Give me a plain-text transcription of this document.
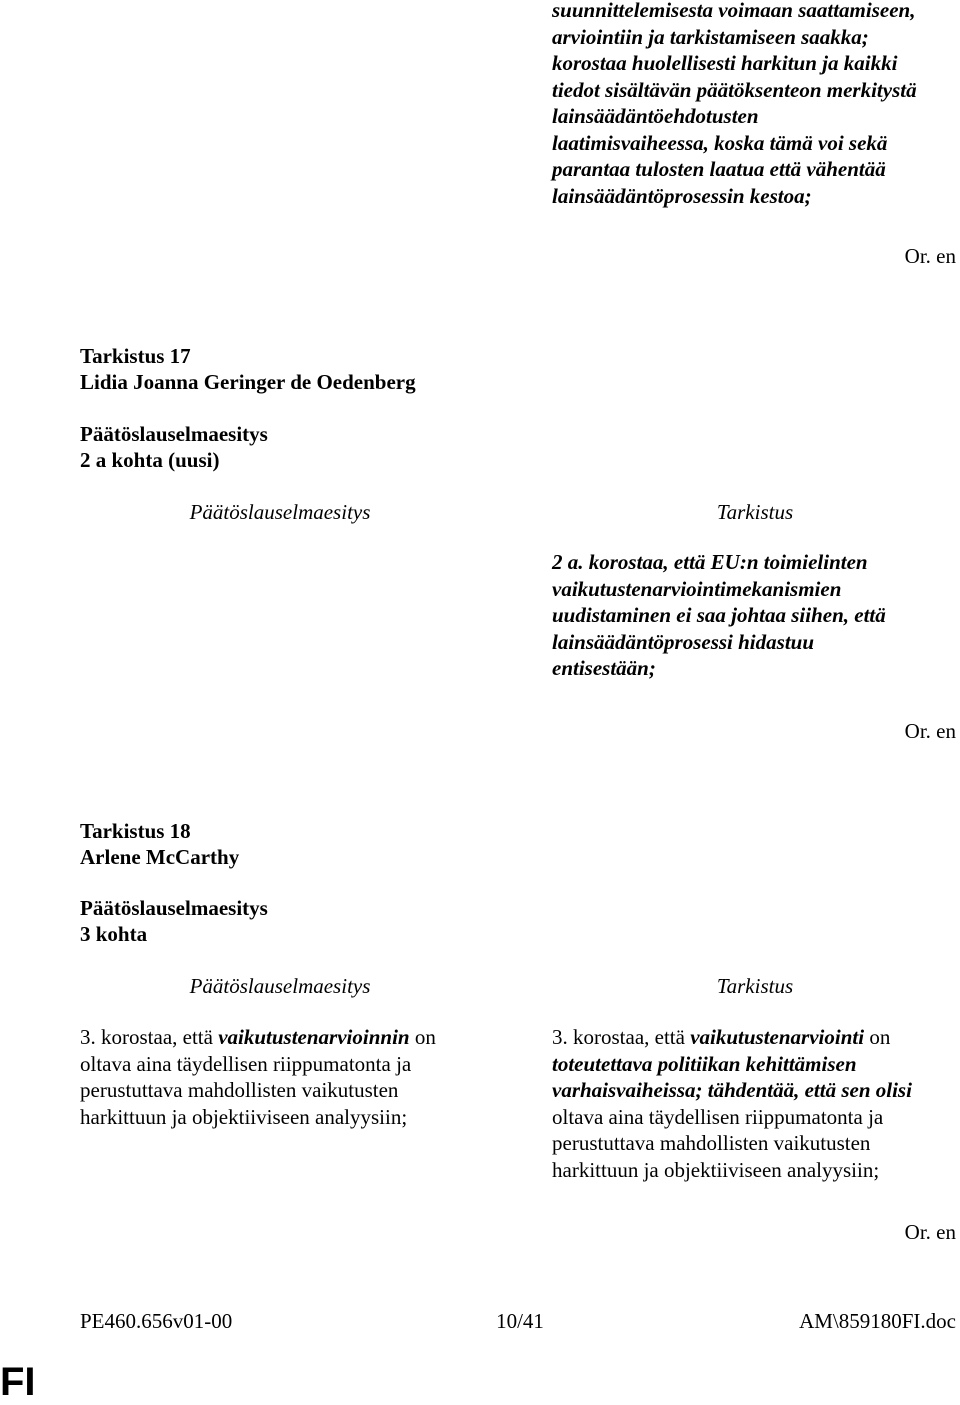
suunnittelemisesta voimaan saattamiseen,
arviointiin ja tarkistamiseen saakka;
korostaa huolellisesti harkitun ja kaikki
tiedot sisältävän päätöksenteon merkitystä
lainsäädäntöehdotusten
laatimisvaiheessa, koska tämä voi sekä
parantaa tulosten laatua että vähentää
lainsäädäntöprosessin kestoa;
Or. en
Tarkistus 17
Lidia Joanna Geringer de Oedenberg
Päätöslauselmaesitys
2 a kohta (uusi)
Päätöslauselmaesitys	Tarkistus
2 a. korostaa, että EU:n toimielinten
vaikutustenarviointimekanismien
uudistaminen ei saa johtaa siihen, että
lainsäädäntöprosessi hidastuu
entisestään;
Or. en
Tarkistus 18
Arlene McCarthy
Päätöslauselmaesitys
3 kohta
Päätöslauselmaesitys	Tarkistus
3. korostaa, että vaikutustenarvioinnin on
oltava aina täydellisen riippumatonta ja
perustuttava mahdollisten vaikutusten
harkittuun ja objektiiviseen analyysiin;
3. korostaa, että vaikutustenarviointi on
toteutettava politiikan kehittämisen
varhaisvaiheissa; tähdentää, että sen olisi
oltava aina täydellisen riippumatonta ja
perustuttava mahdollisten vaikutusten
harkittuun ja objektiiviseen analyysiin;
Or. en
PE460.656v01-00	10/41	AM\859180FI.doc
FI
